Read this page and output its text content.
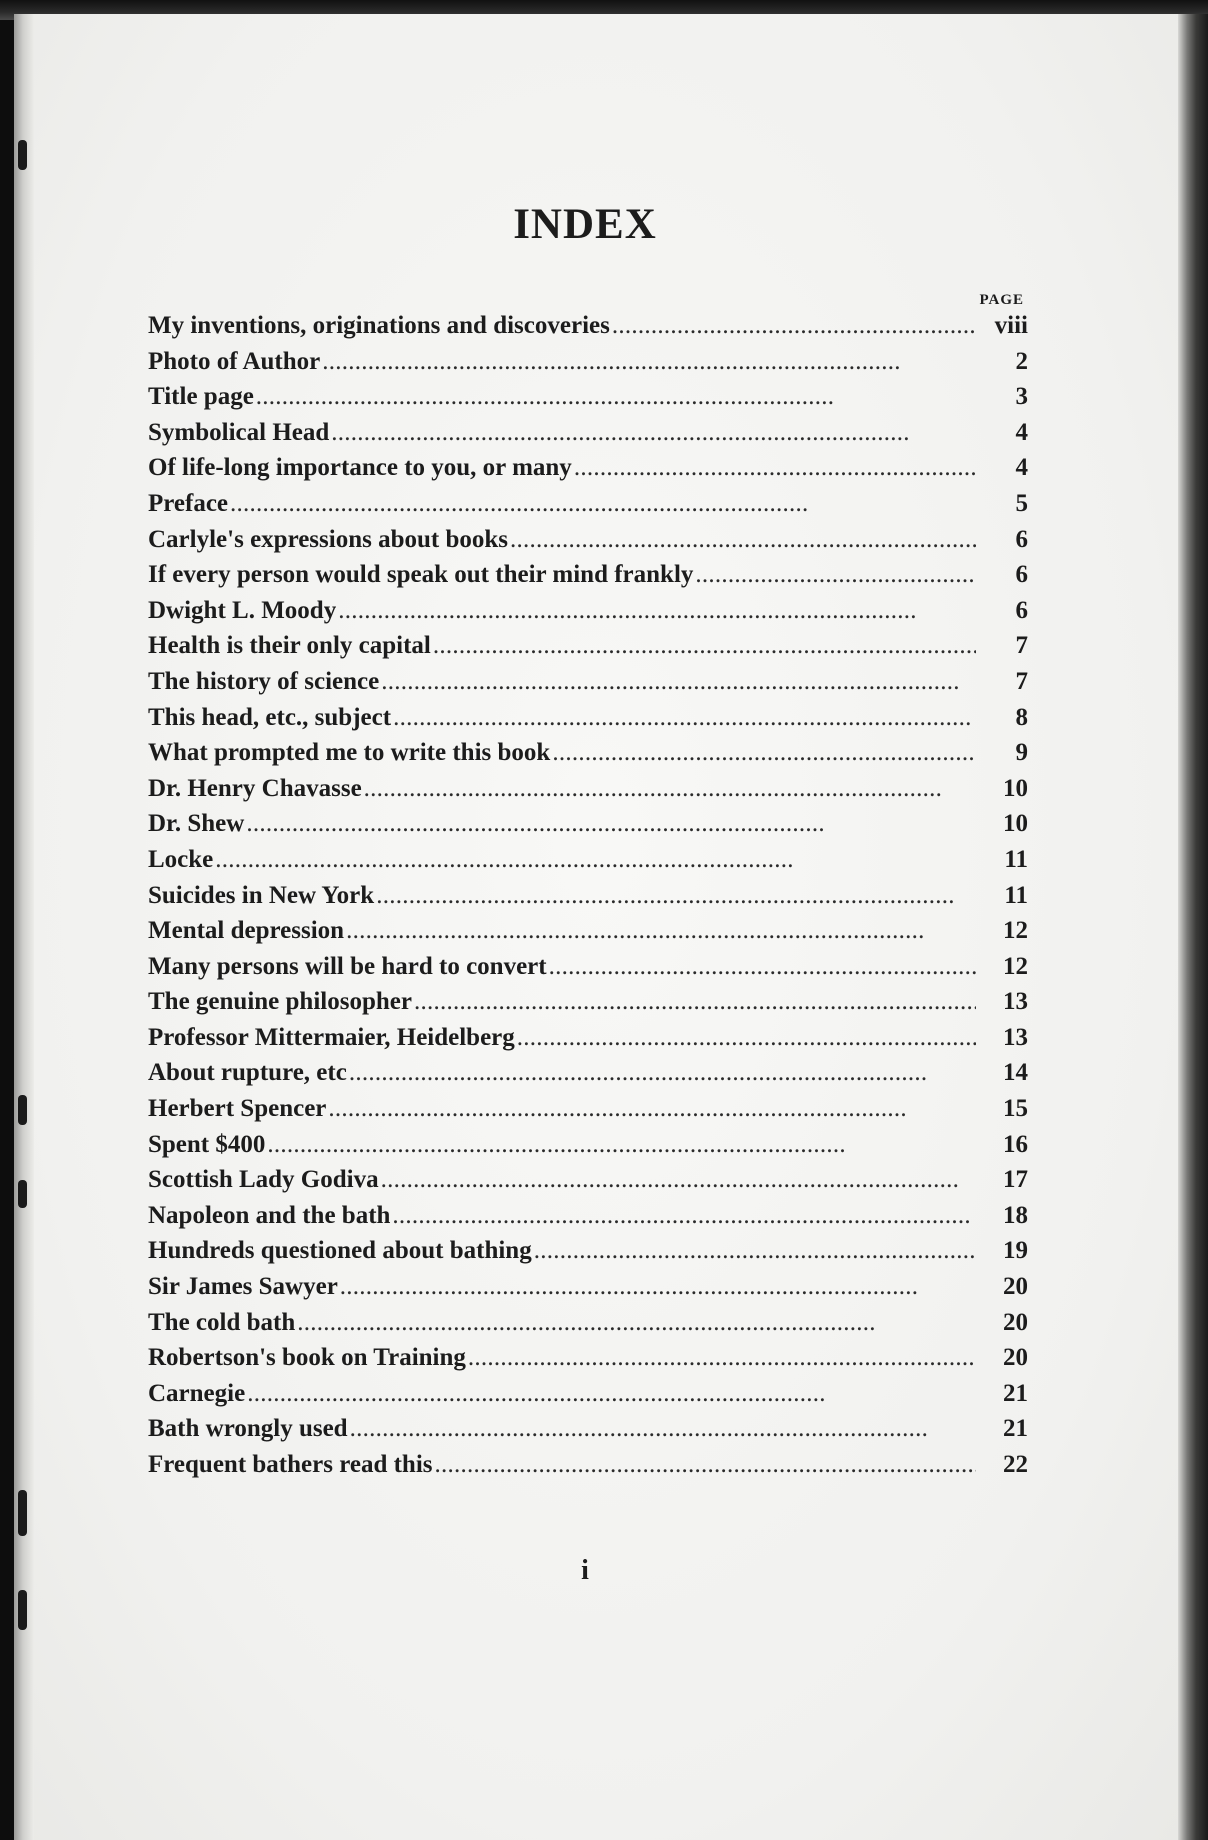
INDEX
PAGE
My inventions, originations and discoveries . . .	viii
Photo of Author . . .	2
Title page . . .	3
Symbolical Head . . .	4
Of life-long importance to you, or many . . .	4
Preface . . .	5
Carlyle's expressions about books . . .	6
If every person would speak out their mind frankly . . .	6
Dwight L. Moody . . .	6
Health is their only capital . . .	7
The history of science . . .	7
This head, etc., subject . . .	8
What prompted me to write this book . . .	9
Dr. Henry Chavasse . . .	10
Dr. Shew . . .	10
Locke . . .	11
Suicides in New York . . .	11
Mental depression . . .	12
Many persons will be hard to convert . . .	12
The genuine philosopher . . .	13
Professor Mittermaier, Heidelberg . . .	13
About rupture, etc . . .	14
Herbert Spencer . . .	15
Spent $400 . . .	16
Scottish Lady Godiva . . .	17
Napoleon and the bath . . .	18
Hundreds questioned about bathing . . .	19
Sir James Sawyer . . .	20
The cold bath . . .	20
Robertson's book on Training . . .	20
Carnegie . . .	21
Bath wrongly used . . .	21
Frequent bathers read this . . .	22
i
